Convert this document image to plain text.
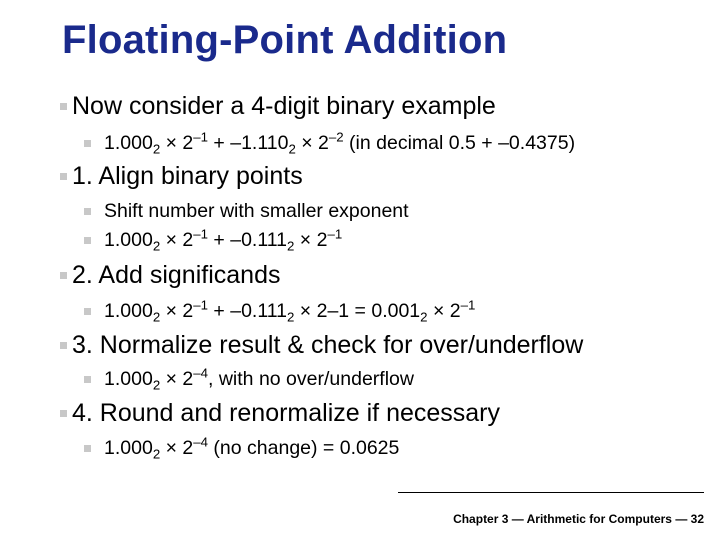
Floating-Point Addition
Now consider a 4-digit binary example
$1.000_2 \times 2^{-1} + -1.110_2 \times 2^{-2}$ (in decimal 0.5 + –0.4375)
1. Align binary points
Shift number with smaller exponent
$1.000_2 \times 2^{-1} + -0.111_2 \times 2^{-1}$
2. Add significands
$1.000_2 \times 2^{-1} + -0.111_2 \times 2-1 = 0.001_2 \times 2^{-1}$
3. Normalize result & check for over/underflow
$1.000_2 \times 2^{-4}$, with no over/underflow
4. Round and renormalize if necessary
$1.000_2 \times 2^{-4}$ (no change) = 0.0625
Chapter 3 — Arithmetic for Computers — 32
